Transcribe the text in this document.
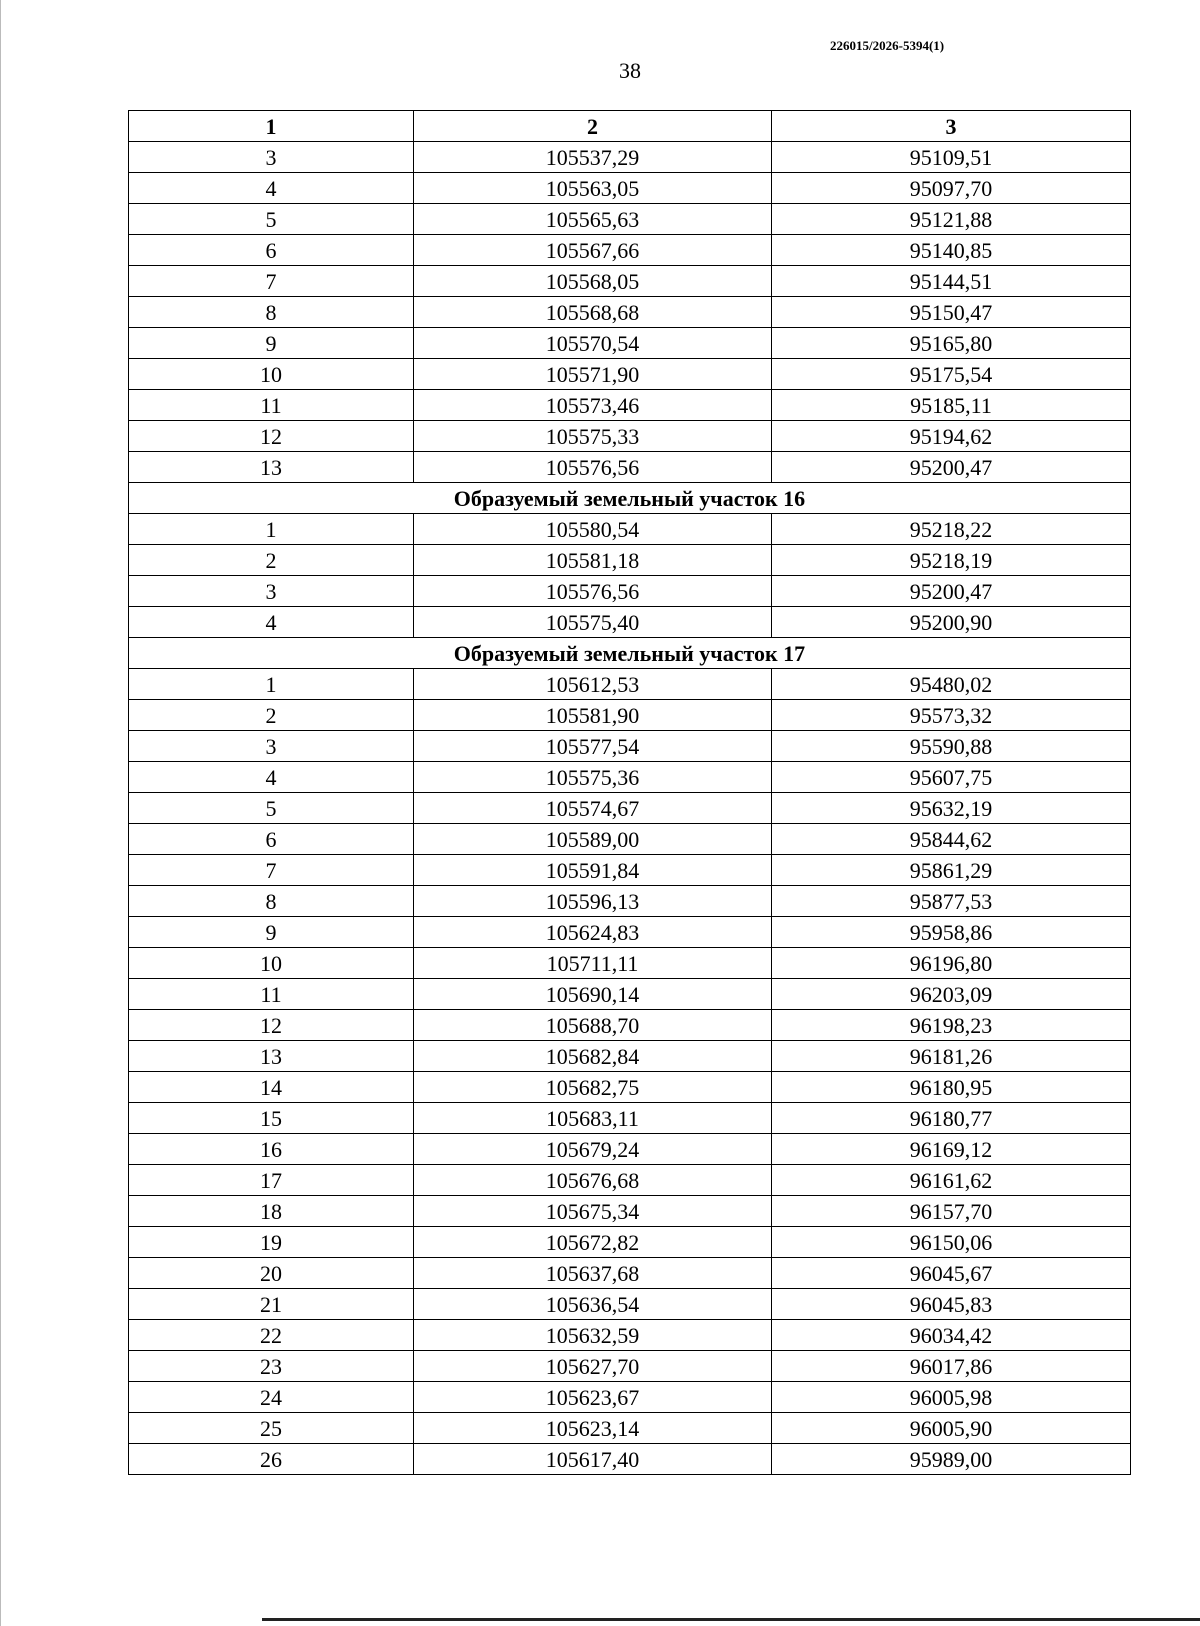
226015/2026-5394(1)
38
1	2	3
3	105537,29	95109,51
4	105563,05	95097,70
5	105565,63	95121,88
6	105567,66	95140,85
7	105568,05	95144,51
8	105568,68	95150,47
9	105570,54	95165,80
10	105571,90	95175,54
11	105573,46	95185,11
12	105575,33	95194,62
13	105576,56	95200,47
Образуемый земельный участок 16		
1	105580,54	95218,22
2	105581,18	95218,19
3	105576,56	95200,47
4	105575,40	95200,90
Образуемый земельный участок 17		
1	105612,53	95480,02
2	105581,90	95573,32
3	105577,54	95590,88
4	105575,36	95607,75
5	105574,67	95632,19
6	105589,00	95844,62
7	105591,84	95861,29
8	105596,13	95877,53
9	105624,83	95958,86
10	105711,11	96196,80
11	105690,14	96203,09
12	105688,70	96198,23
13	105682,84	96181,26
14	105682,75	96180,95
15	105683,11	96180,77
16	105679,24	96169,12
17	105676,68	96161,62
18	105675,34	96157,70
19	105672,82	96150,06
20	105637,68	96045,67
21	105636,54	96045,83
22	105632,59	96034,42
23	105627,70	96017,86
24	105623,67	96005,98
25	105623,14	96005,90
26	105617,40	95989,00
